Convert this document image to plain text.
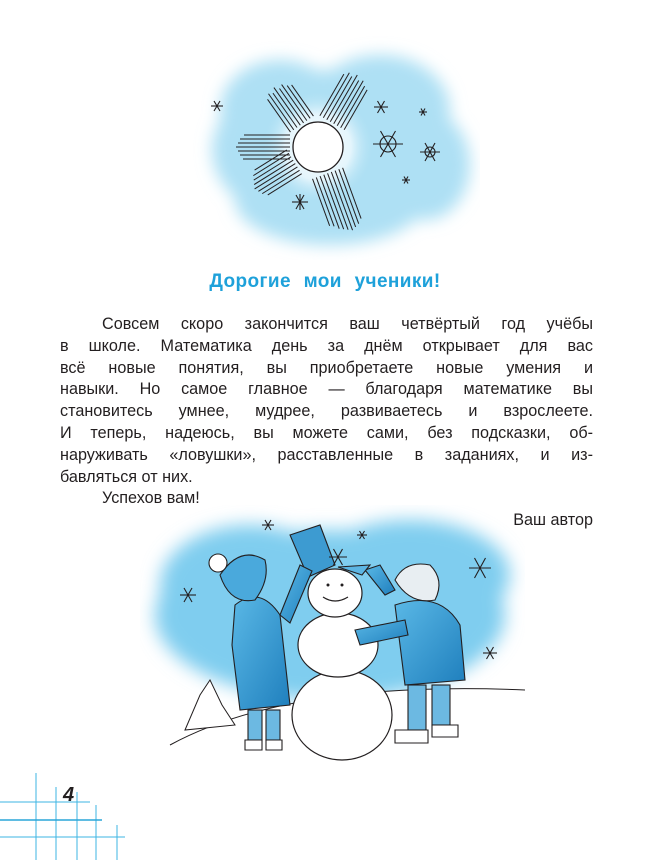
Дорогие мои ученики!
Совсем скоро закончится ваш четвёртый год учёбы
в школе. Математика день за днём открывает для вас
всё новые понятия, вы приобретаете новые умения и
навыки. Но самое главное — благодаря математике вы
становитесь умнее, мудрее, развиваетесь и взрослеете.
И теперь, надеюсь, вы можете сами, без подсказки, об-
наруживать «ловушки», расставленные в заданиях, и из-
бавляться от них.
Успехов вам!
Ваш автор
4
